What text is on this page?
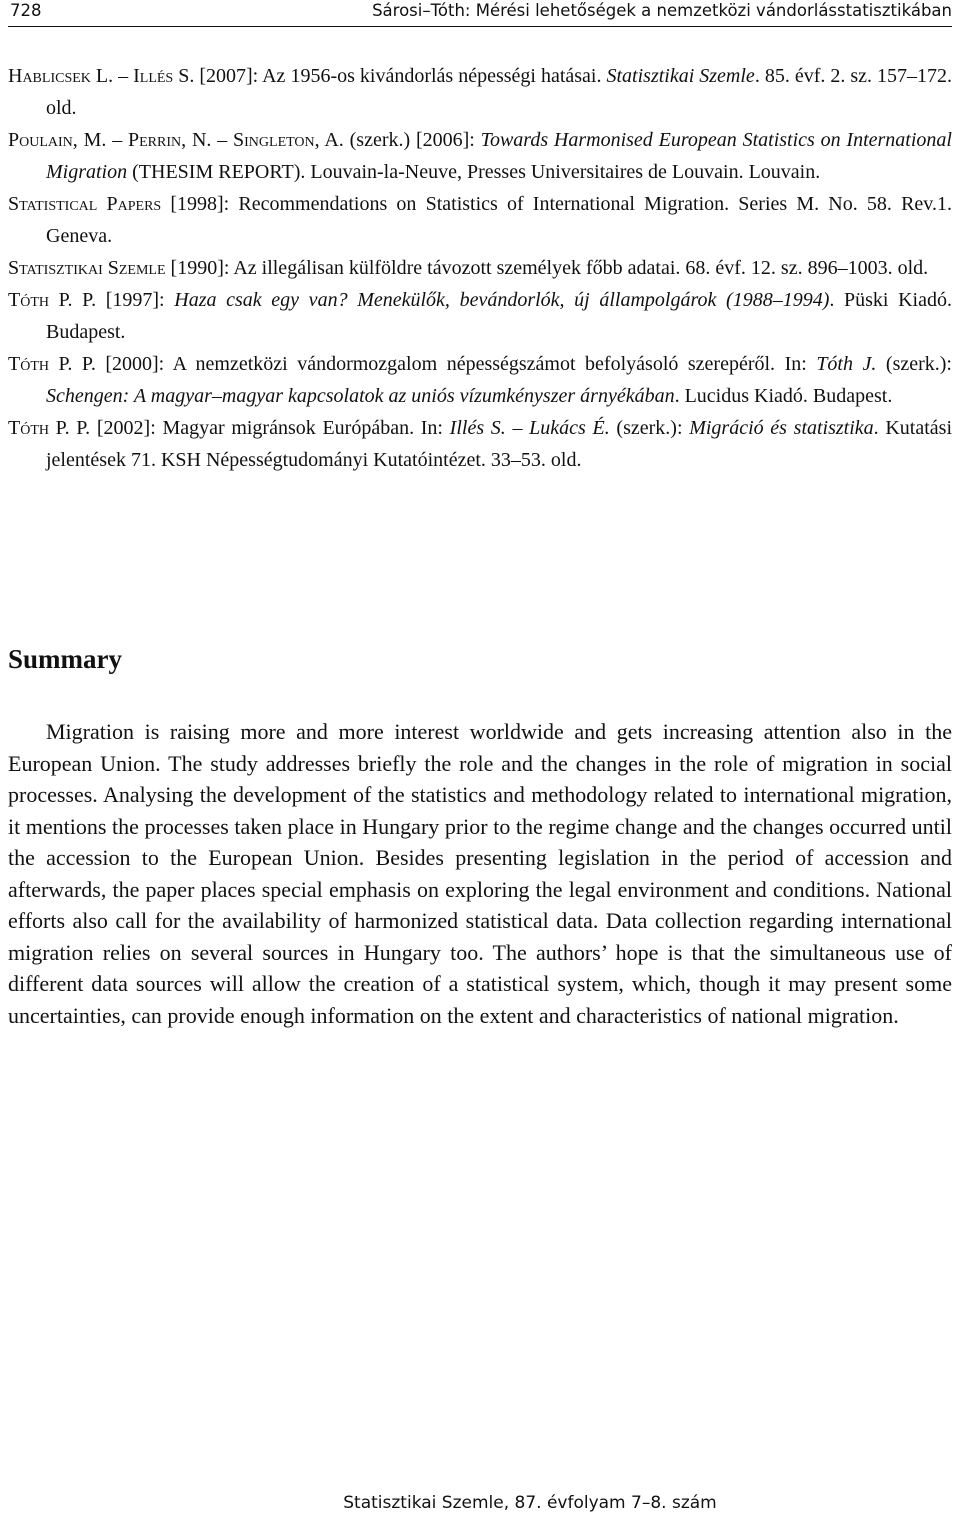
728	Sárosi–Tóth: Mérési lehetőségek a nemzetközi vándorlásstatisztikában
Hablicsek L. – Illés S. [2007]: Az 1956-os kivándorlás népességi hatásai. Statisztikai Szemle. 85. évf. 2. sz. 157–172. old.
Poulain, M. – Perrin, N. – Singleton, A. (szerk.) [2006]: Towards Harmonised European Statistics on International Migration (THESIM REPORT). Louvain-la-Neuve, Presses Universitaires de Louvain. Louvain.
Statistical Papers [1998]: Recommendations on Statistics of International Migration. Series M. No. 58. Rev.1. Geneva.
Statisztikai Szemle [1990]: Az illegálisan külföldre távozott személyek főbb adatai. 68. évf. 12. sz. 896–1003. old.
Tóth P. P. [1997]: Haza csak egy van? Menekülők, bevándorlók, új állampolgárok (1988–1994). Püski Kiadó. Budapest.
Tóth P. P. [2000]: A nemzetközi vándormozgalom népességszámot befolyásoló szerepéről. In: Tóth J. (szerk.): Schengen: A magyar–magyar kapcsolatok az uniós vízumkényszer árnyékában. Lucidus Kiadó. Budapest.
Tóth P. P. [2002]: Magyar migránsok Európában. In: Illés S. – Lukács É. (szerk.): Migráció és statisztika. Kutatási jelentések 71. KSH Népességtudományi Kutatóintézet. 33–53. old.
Summary

Migration is raising more and more interest worldwide and gets increasing attention also in the European Union. The study addresses briefly the role and the changes in the role of migration in social processes. Analysing the development of the statistics and methodology related to international migration, it mentions the processes taken place in Hungary prior to the regime change and the changes occurred until the accession to the European Union. Besides presenting legislation in the period of accession and afterwards, the paper places special emphasis on exploring the legal environment and conditions. National efforts also call for the availability of harmonized statistical data. Data collection regarding international migration relies on several sources in Hungary too. The authors’ hope is that the simultaneous use of different data sources will allow the creation of a statistical system, which, though it may present some uncertainties, can provide enough information on the extent and characteristics of national migration.

Statisztikai Szemle, 87. évfolyam 7–8. szám
